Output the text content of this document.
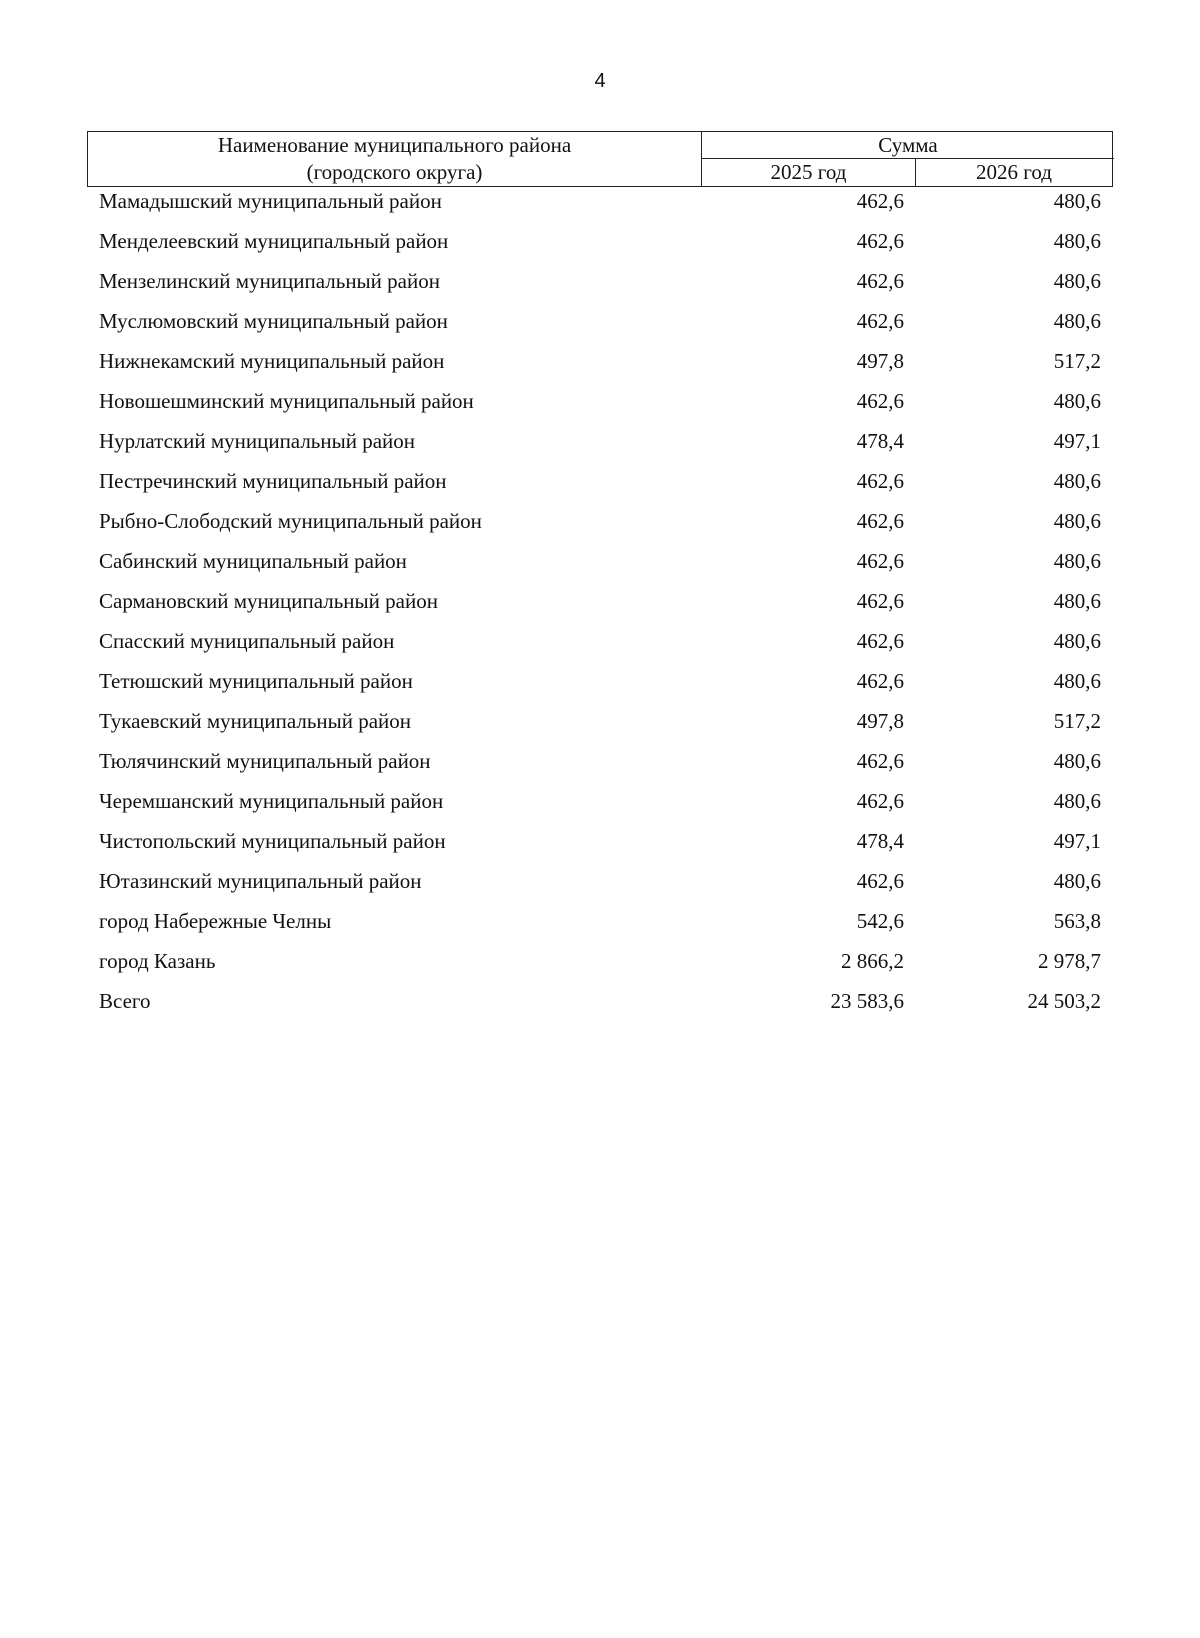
4
Наименование муниципального района
(городского округа)
Сумма
2025 год	2026 год
Мамадышский муниципальный район	462,6	480,6
Менделеевский муниципальный район	462,6	480,6
Мензелинский муниципальный район	462,6	480,6
Муслюмовский муниципальный район	462,6	480,6
Нижнекамский муниципальный район	497,8	517,2
Новошешминский муниципальный район	462,6	480,6
Нурлатский муниципальный район	478,4	497,1
Пестречинский муниципальный район	462,6	480,6
Рыбно-Слободский муниципальный район	462,6	480,6
Сабинский муниципальный район	462,6	480,6
Сармановский муниципальный район	462,6	480,6
Спасский муниципальный район	462,6	480,6
Тетюшский муниципальный район	462,6	480,6
Тукаевский муниципальный район	497,8	517,2
Тюлячинский муниципальный район	462,6	480,6
Черемшанский муниципальный район	462,6	480,6
Чистопольский муниципальный район	478,4	497,1
Ютазинский муниципальный район	462,6	480,6
город Набережные Челны	542,6	563,8
город Казань	2 866,2	2 978,7
Всего	23 583,6	24 503,2
